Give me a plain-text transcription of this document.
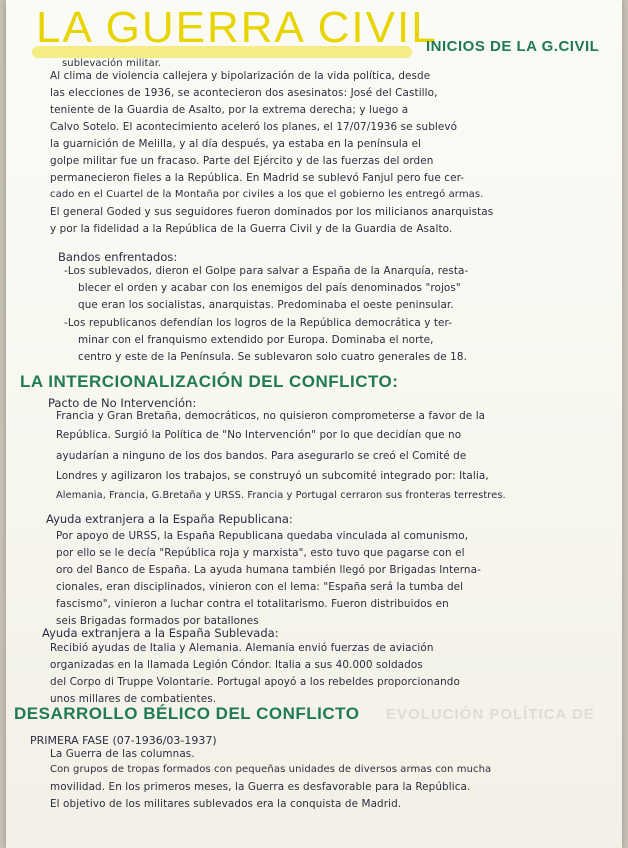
LA GUERRA CIVIL
INICIOS DE LA G.CIVIL
sublevación militar.
Al clima de violencia callejera y bipolarización de la vida política, desde
las elecciones de 1936, se acontecieron dos asesinatos: José del Castillo,
teniente de la Guardia de Asalto, por la extrema derecha; y luego a
Calvo Sotelo. El acontecimiento aceleró los planes, el 17/07/1936 se sublevó
la guarnición de Melilla, y al día después, ya estaba en la península el
golpe militar fue un fracaso. Parte del Ejército y de las fuerzas del orden
permanecieron fieles a la República. En Madrid se sublevó Fanjul pero fue cer-
cado en el Cuartel de la Montaña por civiles a los que el gobierno les entregó armas.
El general Goded y sus seguidores fueron dominados por los milicianos anarquistas
y por la fidelidad a la República de la Guerra Civil y de la Guardia de Asalto.
Bandos enfrentados:
-Los sublevados, dieron el Golpe para salvar a España de la Anarquía, resta-
blecer el orden y acabar con los enemigos del país denominados "rojos"
que eran los socialistas, anarquistas. Predominaba el oeste peninsular.
-Los republicanos defendían los logros de la República democrática y ter-
minar con el franquismo extendido por Europa. Dominaba el norte,
centro y este de la Península. Se sublevaron solo cuatro generales de 18.
LA INTERCIONALIZACIÓN DEL CONFLICTO:
Pacto de No Intervención:
Francia y Gran Bretaña, democráticos, no quisieron comprometerse a favor de la
República. Surgió la Política de "No Intervención" por lo que decidían que no
ayudarían a ninguno de los dos bandos. Para asegurarlo se creó el Comité de
Londres y agilizaron los trabajos, se construyó un subcomité integrado por: Italia,
Alemania, Francia, G.Bretaña y URSS. Francia y Portugal cerraron sus fronteras terrestres.
Ayuda extranjera a la España Republicana:
Por apoyo de URSS, la España Republicana quedaba vinculada al comunismo,
por ello se le decía "República roja y marxista", esto tuvo que pagarse con el
oro del Banco de España. La ayuda humana también llegó por Brigadas Interna-
cionales, eran disciplinados, vinieron con el lema: "España será la tumba del
fascismo", vinieron a luchar contra el totalitarismo. Fueron distribuidos en
seis Brigadas formados por batallones
Ayuda extranjera a la España Sublevada:
Recibió ayudas de Italia y Alemania. Alemania envió fuerzas de aviación
organizadas en la llamada Legión Cóndor. Italia a sus 40.000 soldados
del Corpo di Truppe Volontarie. Portugal apoyó a los rebeldes proporcionando
unos millares de combatientes.
EVOLUCIÓN POLÍTICA DE
DESARROLLO BÉLICO DEL CONFLICTO
PRIMERA FASE (07-1936/03-1937)
La Guerra de las columnas.
Con grupos de tropas formados con pequeñas unidades de diversos armas con mucha
movilidad. En los primeros meses, la Guerra es desfavorable para la República.
El objetivo de los militares sublevados era la conquista de Madrid.
